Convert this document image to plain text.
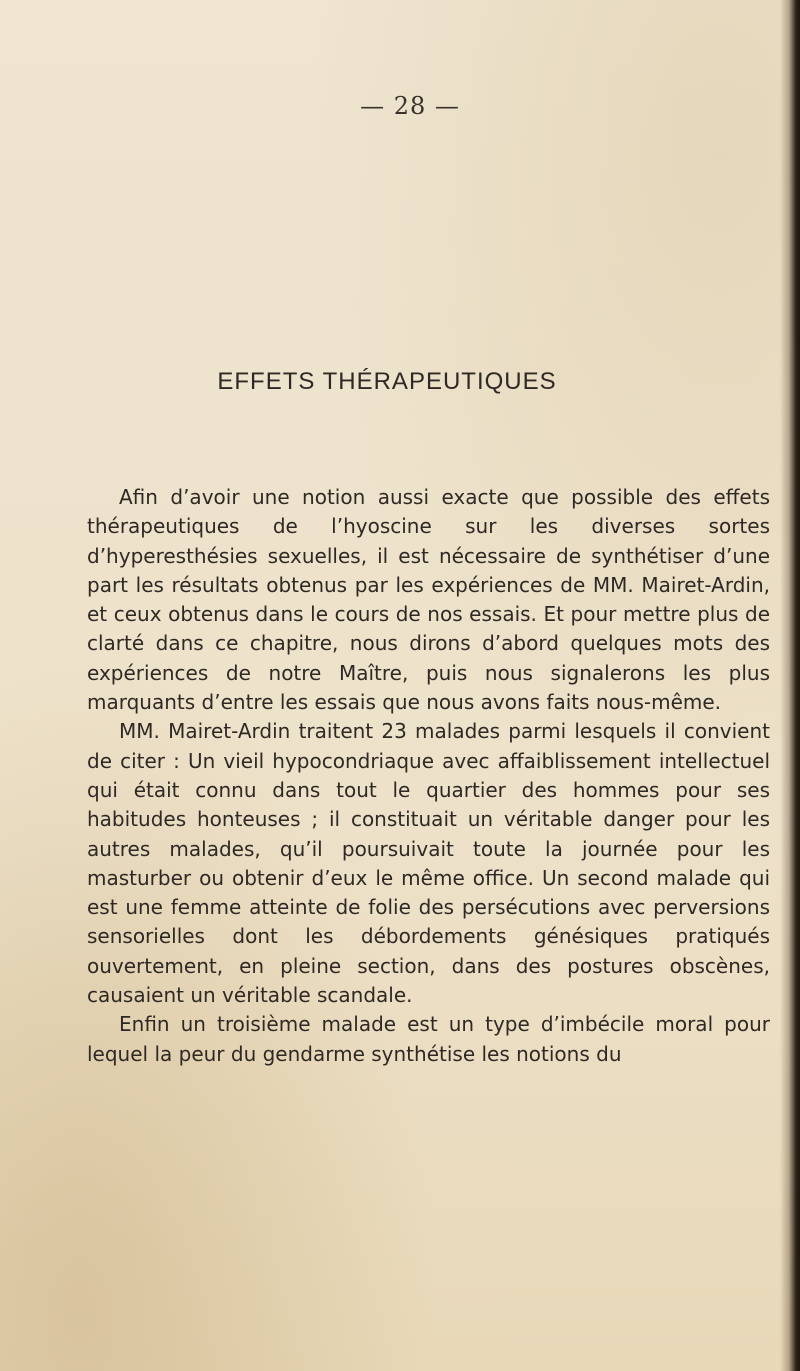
— 28 —
EFFETS THÉRAPEUTIQUES

Afin d’avoir une notion aussi exacte que possible des effets thérapeutiques de l’hyoscine sur les diverses sortes d’hyperesthésies sexuelles, il est nécessaire de synthétiser d’une part les résultats obtenus par les expériences de MM. Mairet-Ardin, et ceux obtenus dans le cours de nos essais. Et pour mettre plus de clarté dans ce chapitre, nous dirons d’abord quelques mots des expériences de notre Maître, puis nous signalerons les plus marquants d’entre les essais que nous avons faits nous-même.

MM. Mairet-Ardin traitent 23 malades parmi lesquels il convient de citer : Un vieil hypocondriaque avec affaiblissement intellectuel qui était connu dans tout le quartier des hommes pour ses habitudes honteuses ; il constituait un véritable danger pour les autres malades, qu’il poursuivait toute la journée pour les masturber ou obtenir d’eux le même office. Un second malade qui est une femme atteinte de folie des persécutions avec perversions sensorielles dont les débordements génésiques pratiqués ouvertement, en pleine section, dans des postures obscènes, causaient un véritable scandale.

Enfin un troisième malade est un type d’imbécile moral pour lequel la peur du gendarme synthétise les notions du
